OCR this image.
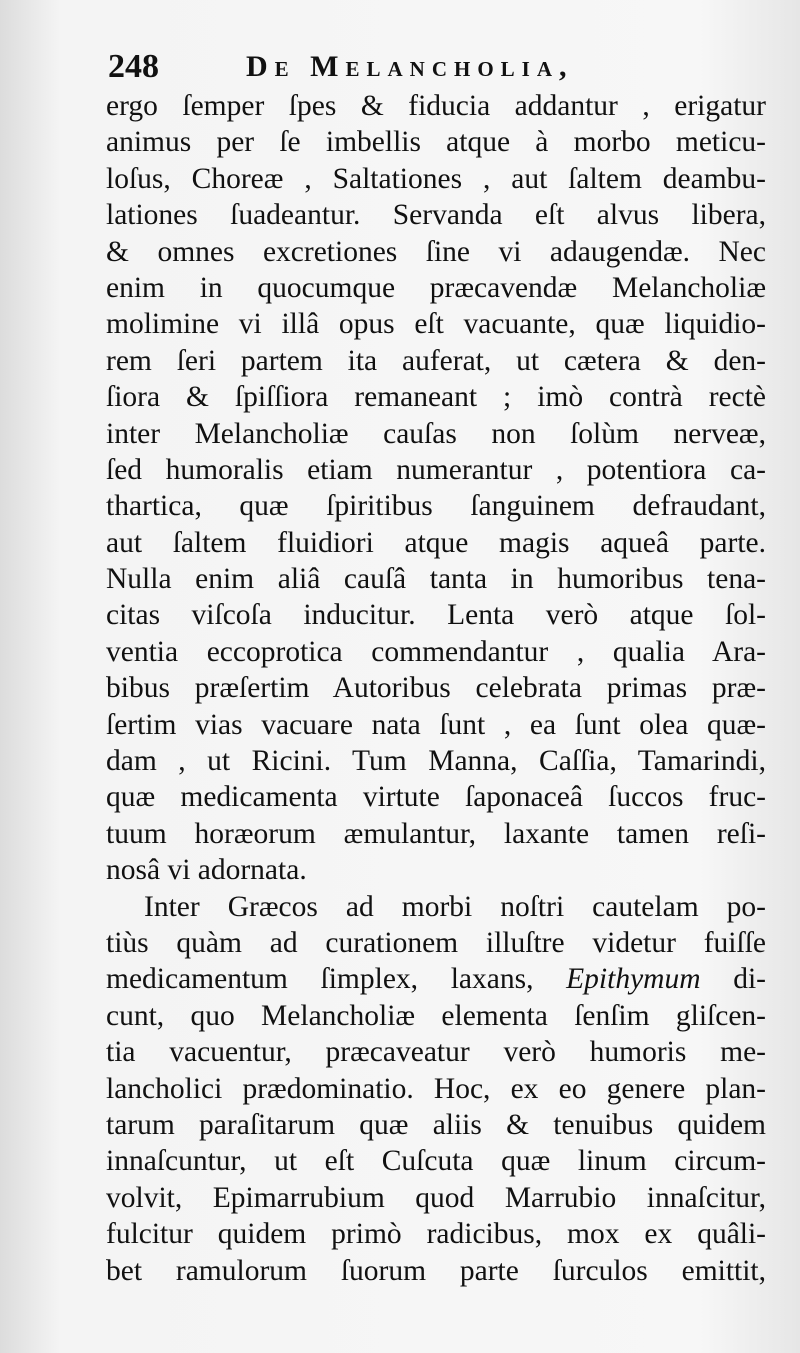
248	De Melancholia,
ergo ſemper ſpes & fiducia addantur , erigatur
animus per ſe imbellis atque à morbo meticu-
loſus, Choreæ , Saltationes , aut ſaltem deambu-
lationes ſuadeantur. Servanda eſt alvus libera,
& omnes excretiones ſine vi adaugendæ. Nec
enim in quocumque præcavendæ Melancholiæ
molimine vi illâ opus eſt vacuante, quæ liquidio-
rem ſeri partem ita auferat, ut cætera & den-
ſiora & ſpiſſiora remaneant ; imò contrà rectè
inter Melancholiæ cauſas non ſolùm nerveæ,
ſed humoralis etiam numerantur , potentiora ca-
thartica, quæ ſpiritibus ſanguinem defraudant,
aut ſaltem fluidiori atque magis aqueâ parte.
Nulla enim aliâ cauſâ tanta in humoribus tena-
citas viſcoſa inducitur. Lenta verò atque ſol-
ventia eccoprotica commendantur , qualia Ara-
bibus præſertim Autoribus celebrata primas præ-
ſertim vias vacuare nata ſunt , ea ſunt olea quæ-
dam , ut Ricini. Tum Manna, Caſſia, Tamarindi,
quæ medicamenta virtute ſaponaceâ ſuccos fruc-
tuum horæorum æmulantur, laxante tamen reſi-
nosâ vi adornata.
Inter Græcos ad morbi noſtri cautelam po-
tiùs quàm ad curationem illuſtre videtur fuiſſe
medicamentum ſimplex, laxans, Epithymum di-
cunt, quo Melancholiæ elementa ſenſim gliſcen-
tia vacuentur, præcaveatur verò humoris me-
lancholici prædominatio. Hoc, ex eo genere plan-
tarum paraſitarum quæ aliis & tenuibus quidem
innaſcuntur, ut eſt Cuſcuta quæ linum circum-
volvit, Epimarrubium quod Marrubio innaſcitur,
fulcitur quidem primò radicibus, mox ex quâli-
bet ramulorum ſuorum parte ſurculos emittit,
